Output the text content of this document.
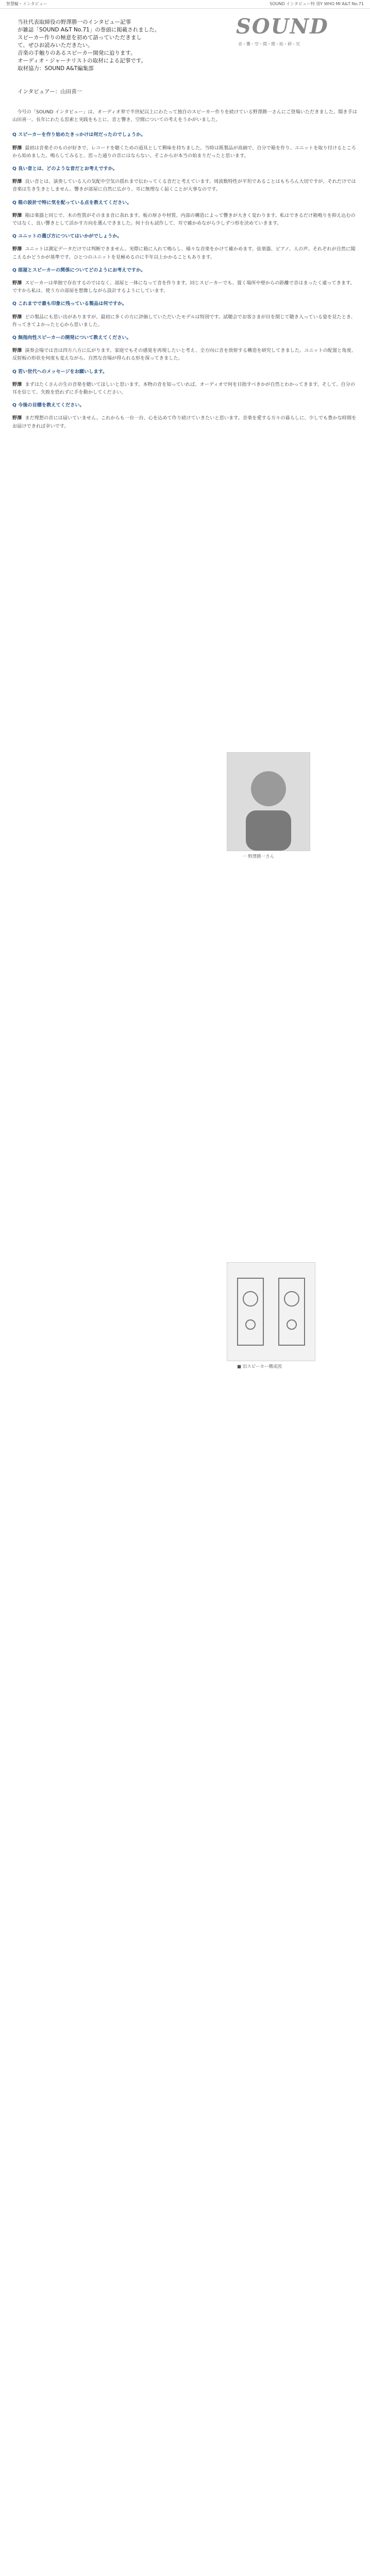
智慧輪・インタビュー	SOUND インタビュー特 別Y WHO MI A&T No.71
SOUND
音・響・空・間・開・拓・研・究
当社代表取締役の野澤勝一のインタビュー記事
が雑誌「SOUND A&T No.71」の巻頭に掲載されました。
スピーカー作りの極意を初めて語っていただきまし
て、ぜひお読みいただきたい。
音楽の手触りのあるスピーカー開発に迫ります。
オーディオ・ジャーナリストの取材による記事です。
取材協力：SOUND A&T編集部
インタビュアー：山田喜一
一 野澤勝一さん
■ 旧スピーカー構成図

今号の「SOUND インタビュー」は、オーディオ界で半世紀以上にわたって独自のスピーカー作りを続けている野澤勝一さんにご登場いただきました。聞き手は山田喜一。長年にわたる思索と実践をもとに、音と響き、空間についての考えをうかがいました。

Q スピーカーを作り始めたきっかけは何だったのでしょうか。

野澤 最初は音楽そのものが好きで、レコードを聴くための道具として興味を持ちました。当時は既製品が高価で、自分で箱を作り、ユニットを取り付けるところから始めました。鳴らしてみると、思った通りの音にはならない。そこからが本当の始まりだったと思います。

Q 良い音とは、どのような音だとお考えですか。

野澤 良い音とは、演奏している人の気配や空気の揺れまで伝わってくる音だと考えています。周波数特性が平坦であることはもちろん大切ですが、それだけでは音楽は生き生きとしません。響きが部屋に自然に広がり、耳に無理なく届くことが大事なのです。

Q 箱の設計で特に気を配っている点を教えてください。

野澤 箱は楽器と同じで、木の性質がそのまま音に表れます。板の厚さや材質、内部の構造によって響きが大きく変わります。私はできるだけ箱鳴りを抑え込むのではなく、良い響きとして活かす方向を選んできました。何十台も試作して、耳で確かめながら少しずつ形を決めていきます。

Q ユニットの選び方についてはいかがでしょうか。

野澤 ユニットは測定データだけでは判断できません。実際に箱に入れて鳴らし、様々な音楽をかけて確かめます。弦楽器、ピアノ、人の声。それぞれが自然に聞こえるかどうかが基準です。ひとつのユニットを見極めるのに半年以上かかることもあります。

Q 部屋とスピーカーの関係についてどのようにお考えですか。

野澤 スピーカーは単独で存在するのではなく、部屋と一体になって音を作ります。同じスピーカーでも、置く場所や壁からの距離で音はまったく違ってきます。ですから私は、使う方の部屋を想像しながら設計するようにしています。

Q これまでで最も印象に残っている製品は何ですか。

野澤 どの製品にも思い出がありますが、最初に多くの方に評価していただいたモデルは特別です。試聴会でお客さまが目を閉じて聴き入っている姿を見たとき、作ってきてよかったと心から思いました。

Q 無指向性スピーカーの開発について教えてください。

野澤 演奏会場では音は四方八方に広がります。家庭でもその感覚を再現したいと考え、全方向に音を放射する構造を研究してきました。ユニットの配置と角度、反射板の形状を何度も変えながら、自然な音場が得られる形を探ってきました。

Q 若い世代へのメッセージをお願いします。

野澤 まずはたくさんの生の音楽を聴いてほしいと思います。本物の音を知っていれば、オーディオで何を目指すべきかが自然とわかってきます。そして、自分の耳を信じて、失敗を恐れずに手を動かしてください。

Q 今後の目標を教えてください。

野澤 まだ理想の音には届いていません。これからも一台一台、心を込めて作り続けていきたいと思います。音楽を愛する方々の暮らしに、少しでも豊かな時間をお届けできれば幸いです。
